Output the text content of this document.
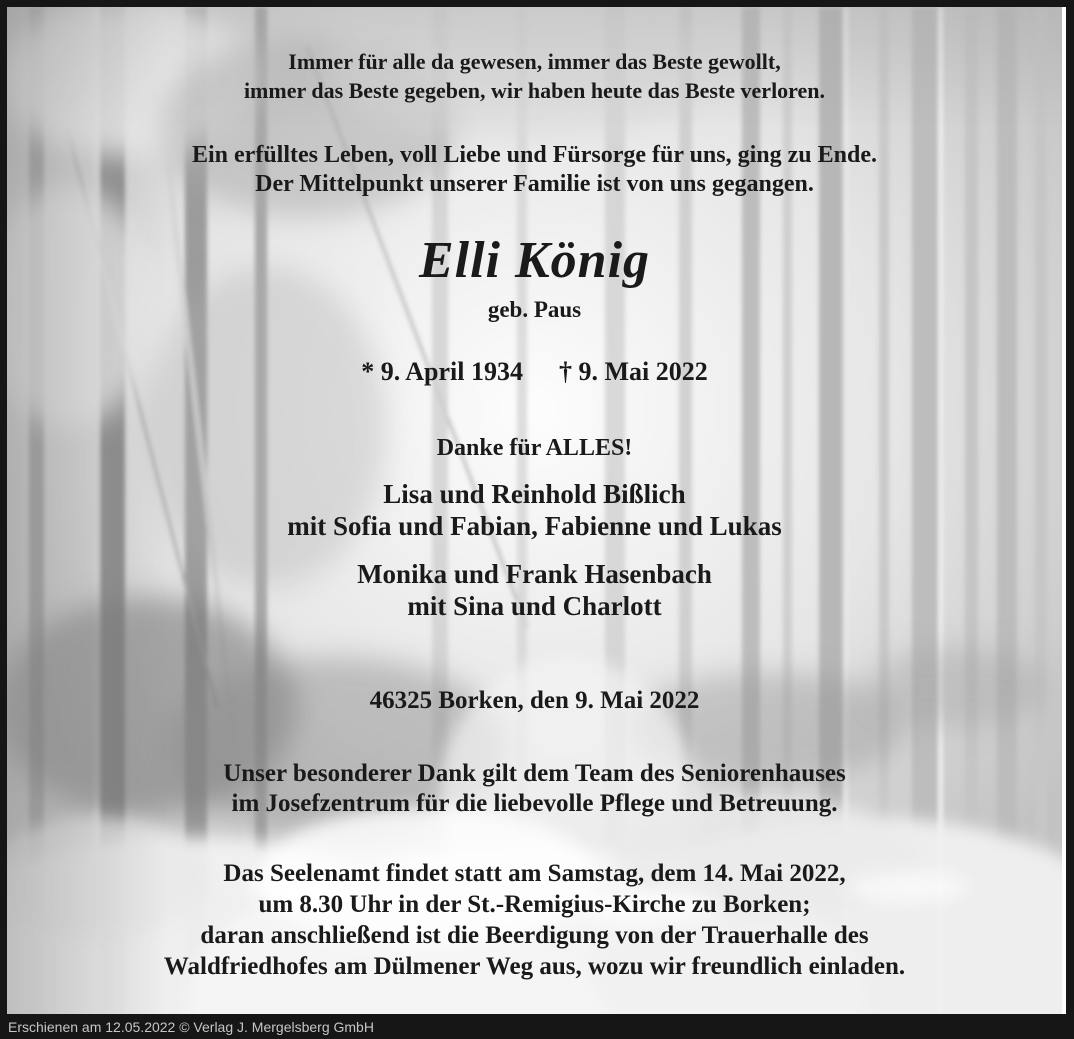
Immer für alle da gewesen, immer das Beste gewollt,
immer das Beste gegeben, wir haben heute das Beste verloren.
Ein erfülltes Leben, voll Liebe und Fürsorge für uns, ging zu Ende.
Der Mittelpunkt unserer Familie ist von uns gegangen.
Elli König
geb. Paus
* 9. April 1934 † 9. Mai 2022
Danke für ALLES!
Lisa und Reinhold Bißlich
mit Sofia und Fabian, Fabienne und Lukas
Monika und Frank Hasenbach
mit Sina und Charlott
46325 Borken, den 9. Mai 2022
Unser besonderer Dank gilt dem Team des Seniorenhauses
im Josefzentrum für die liebevolle Pflege und Betreuung.
Das Seelenamt findet statt am Samstag, dem 14. Mai 2022,
um 8.30 Uhr in der St.-Remigius-Kirche zu Borken;
daran anschließend ist die Beerdigung von der Trauerhalle des
Waldfriedhofes am Dülmener Weg aus, wozu wir freundlich einladen.
Erschienen am 12.05.2022 © Verlag J. Mergelsberg GmbH
